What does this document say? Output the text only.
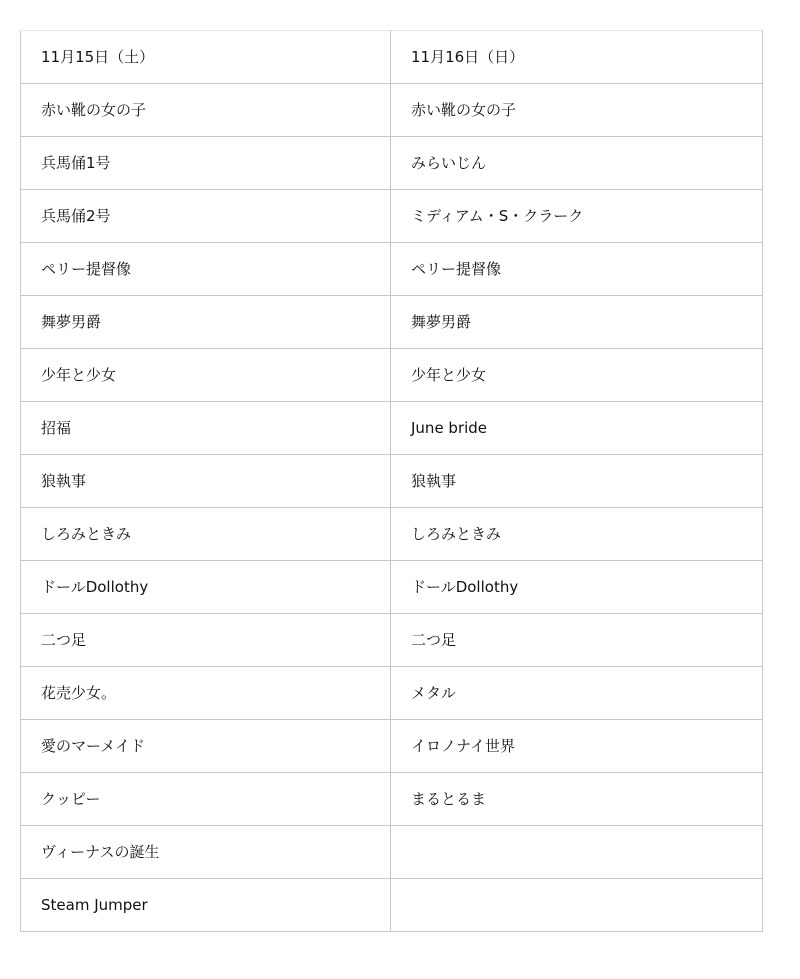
11月15日（土）	11月16日（日）
赤い靴の女の子	赤い靴の女の子
兵馬俑1号	みらいじん
兵馬俑2号	ミディアム・S・クラーク
ペリー提督像	ペリー提督像
舞夢男爵	舞夢男爵
少年と少女	少年と少女
招福	June bride
狼執事	狼執事
しろみときみ	しろみときみ
ドールDollothy	ドールDollothy
二つ足	二つ足
花売少女。	メタル
愛のマーメイド	イロノナイ世界
クッピー	まるとるま
ヴィーナスの誕生	
Steam Jumper	
